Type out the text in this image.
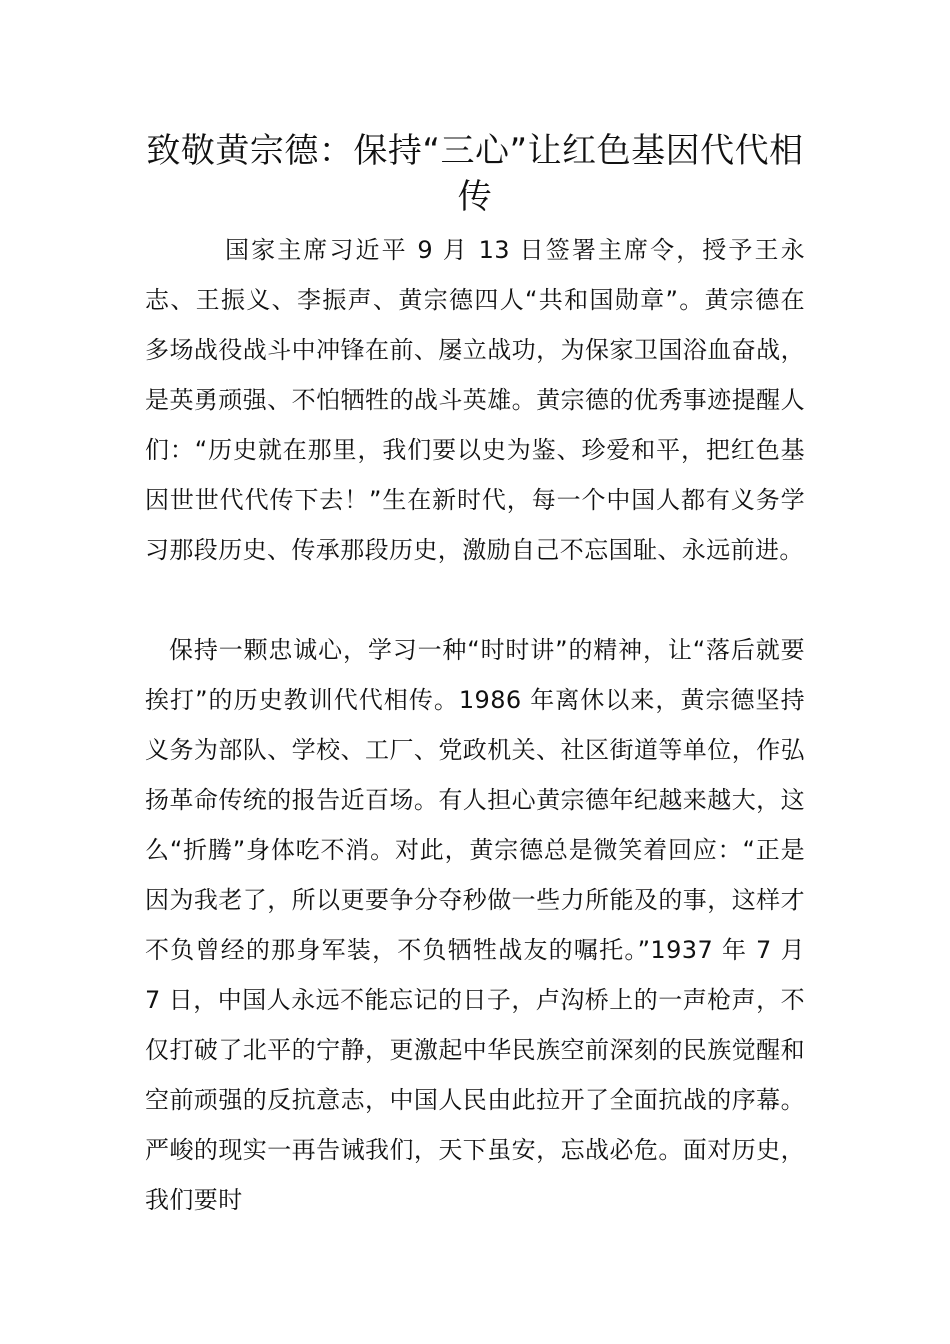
致敬黄宗德：保持“三心”让红色基因代代相传

国家主席习近平 9 月 13 日签署主席令，授予王永志、王振义、李振声、黄宗德四人“共和国勋章”。黄宗德在多场战役战斗中冲锋在前、屡立战功，为保家卫国浴血奋战，是英勇顽强、不怕牺牲的战斗英雄。黄宗德的优秀事迹提醒人们：“历史就在那里，我们要以史为鉴、珍爱和平，把红色基因世世代代传下去！”生在新时代，每一个中国人都有义务学习那段历史、传承那段历史，激励自己不忘国耻、永远前进。

保持一颗忠诚心，学习一种“时时讲”的精神，让“落后就要挨打”的历史教训代代相传。1986 年离休以来，黄宗德坚持义务为部队、学校、工厂、党政机关、社区街道等单位，作弘扬革命传统的报告近百场。有人担心黄宗德年纪越来越大，这么“折腾”身体吃不消。对此，黄宗德总是微笑着回应：“正是因为我老了，所以更要争分夺秒做一些力所能及的事，这样才不负曾经的那身军装，不负牺牲战友的嘱托。”1937 年 7 月 7 日，中国人永远不能忘记的日子，卢沟桥上的一声枪声，不仅打破了北平的宁静，更激起中华民族空前深刻的民族觉醒和空前顽强的反抗意志，中国人民由此拉开了全面抗战的序幕。严峻的现实一再告诫我们，天下虽安，忘战必危。面对历史，我们要时
